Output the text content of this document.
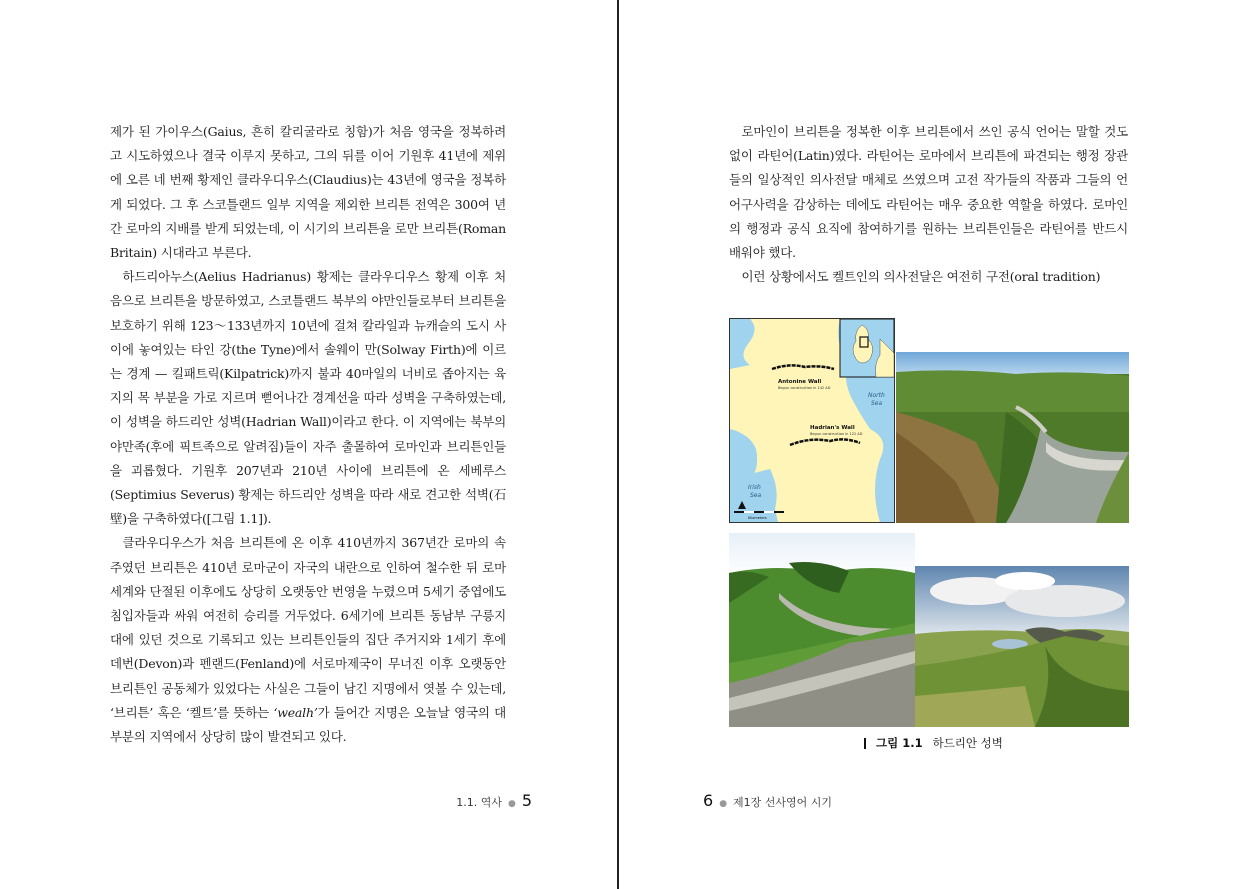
제가 된 가이우스(Gaius, 흔히 칼리굴라로 칭함)가 처음 영국을 정복하려고 시도하였으나 결국 이루지 못하고, 그의 뒤를 이어 기원후 41년에 제위에 오른 네 번째 황제인 클라우디우스(Claudius)는 43년에 영국을 정복하게 되었다. 그 후 스코틀랜드 일부 지역을 제외한 브리튼 전역은 300여 년간 로마의 지배를 받게 되었는데, 이 시기의 브리튼을 로만 브리튼(Roman Britain) 시대라고 부른다.

하드리아누스(Aelius Hadrianus) 황제는 클라우디우스 황제 이후 처음으로 브리튼을 방문하였고, 스코틀랜드 북부의 야만인들로부터 브리튼을 보호하기 위해 123～133년까지 10년에 걸쳐 칼라일과 뉴캐슬의 도시 사이에 놓여있는 타인 강(the Tyne)에서 솔웨이 만(Solway Firth)에 이르는 경계 — 킬패트릭(Kilpatrick)까지 불과 40마일의 너비로 좁아지는 육지의 목 부분을 가로 지르며 뻗어나간 경계선을 따라 성벽을 구축하였는데, 이 성벽을 하드리안 성벽(Hadrian Wall)이라고 한다. 이 지역에는 북부의 야만족(후에 픽트족으로 알려짐)들이 자주 출몰하여 로마인과 브리튼인들을 괴롭혔다. 기원후 207년과 210년 사이에 브리튼에 온 세베루스(Septimius Severus) 황제는 하드리안 성벽을 따라 새로 견고한 석벽(石壁)을 구축하였다([그림 1.1]).

클라우디우스가 처음 브리튼에 온 이후 410년까지 367년간 로마의 속주였던 브리튼은 410년 로마군이 자국의 내란으로 인하여 철수한 뒤 로마세계와 단절된 이후에도 상당히 오랫동안 번영을 누렸으며 5세기 중엽에도 침입자들과 싸워 여전히 승리를 거두었다. 6세기에 브리튼 동남부 구릉지대에 있던 것으로 기록되고 있는 브리튼인들의 집단 주거지와 1세기 후에 데번(Devon)과 펜랜드(Fenland)에 서로마제국이 무너진 이후 오랫동안 브리튼인 공동체가 있었다는 사실은 그들이 남긴 지명에서 엿볼 수 있는데, ‘브리튼’ 혹은 ‘켈트’를 뜻하는 ‘wealh’가 들어간 지명은 오늘날 영국의 대부분의 지역에서 상당히 많이 발견되고 있다.

1.1. 역사 ● 5

로마인이 브리튼을 정복한 이후 브리튼에서 쓰인 공식 언어는 말할 것도 없이 라틴어(Latin)였다. 라틴어는 로마에서 브리튼에 파견되는 행정 장관들의 일상적인 의사전달 매체로 쓰였으며 고전 작가들의 작품과 그들의 언어구사력을 감상하는 데에도 라틴어는 매우 중요한 역할을 하였다. 로마인의 행정과 공식 요직에 참여하기를 원하는 브리튼인들은 라틴어를 반드시 배워야 했다.

이런 상황에서도 켈트인의 의사전달은 여전히 구전(oral tradition)

Antonine Wall
Begun construction in 142 AD
Hadrian's Wall
Begun construction in 122 AD
North
Sea
Irish
Sea
Kilometers
그림 1.1 하드리안 성벽
6 ● 제1장 선사영어 시기
